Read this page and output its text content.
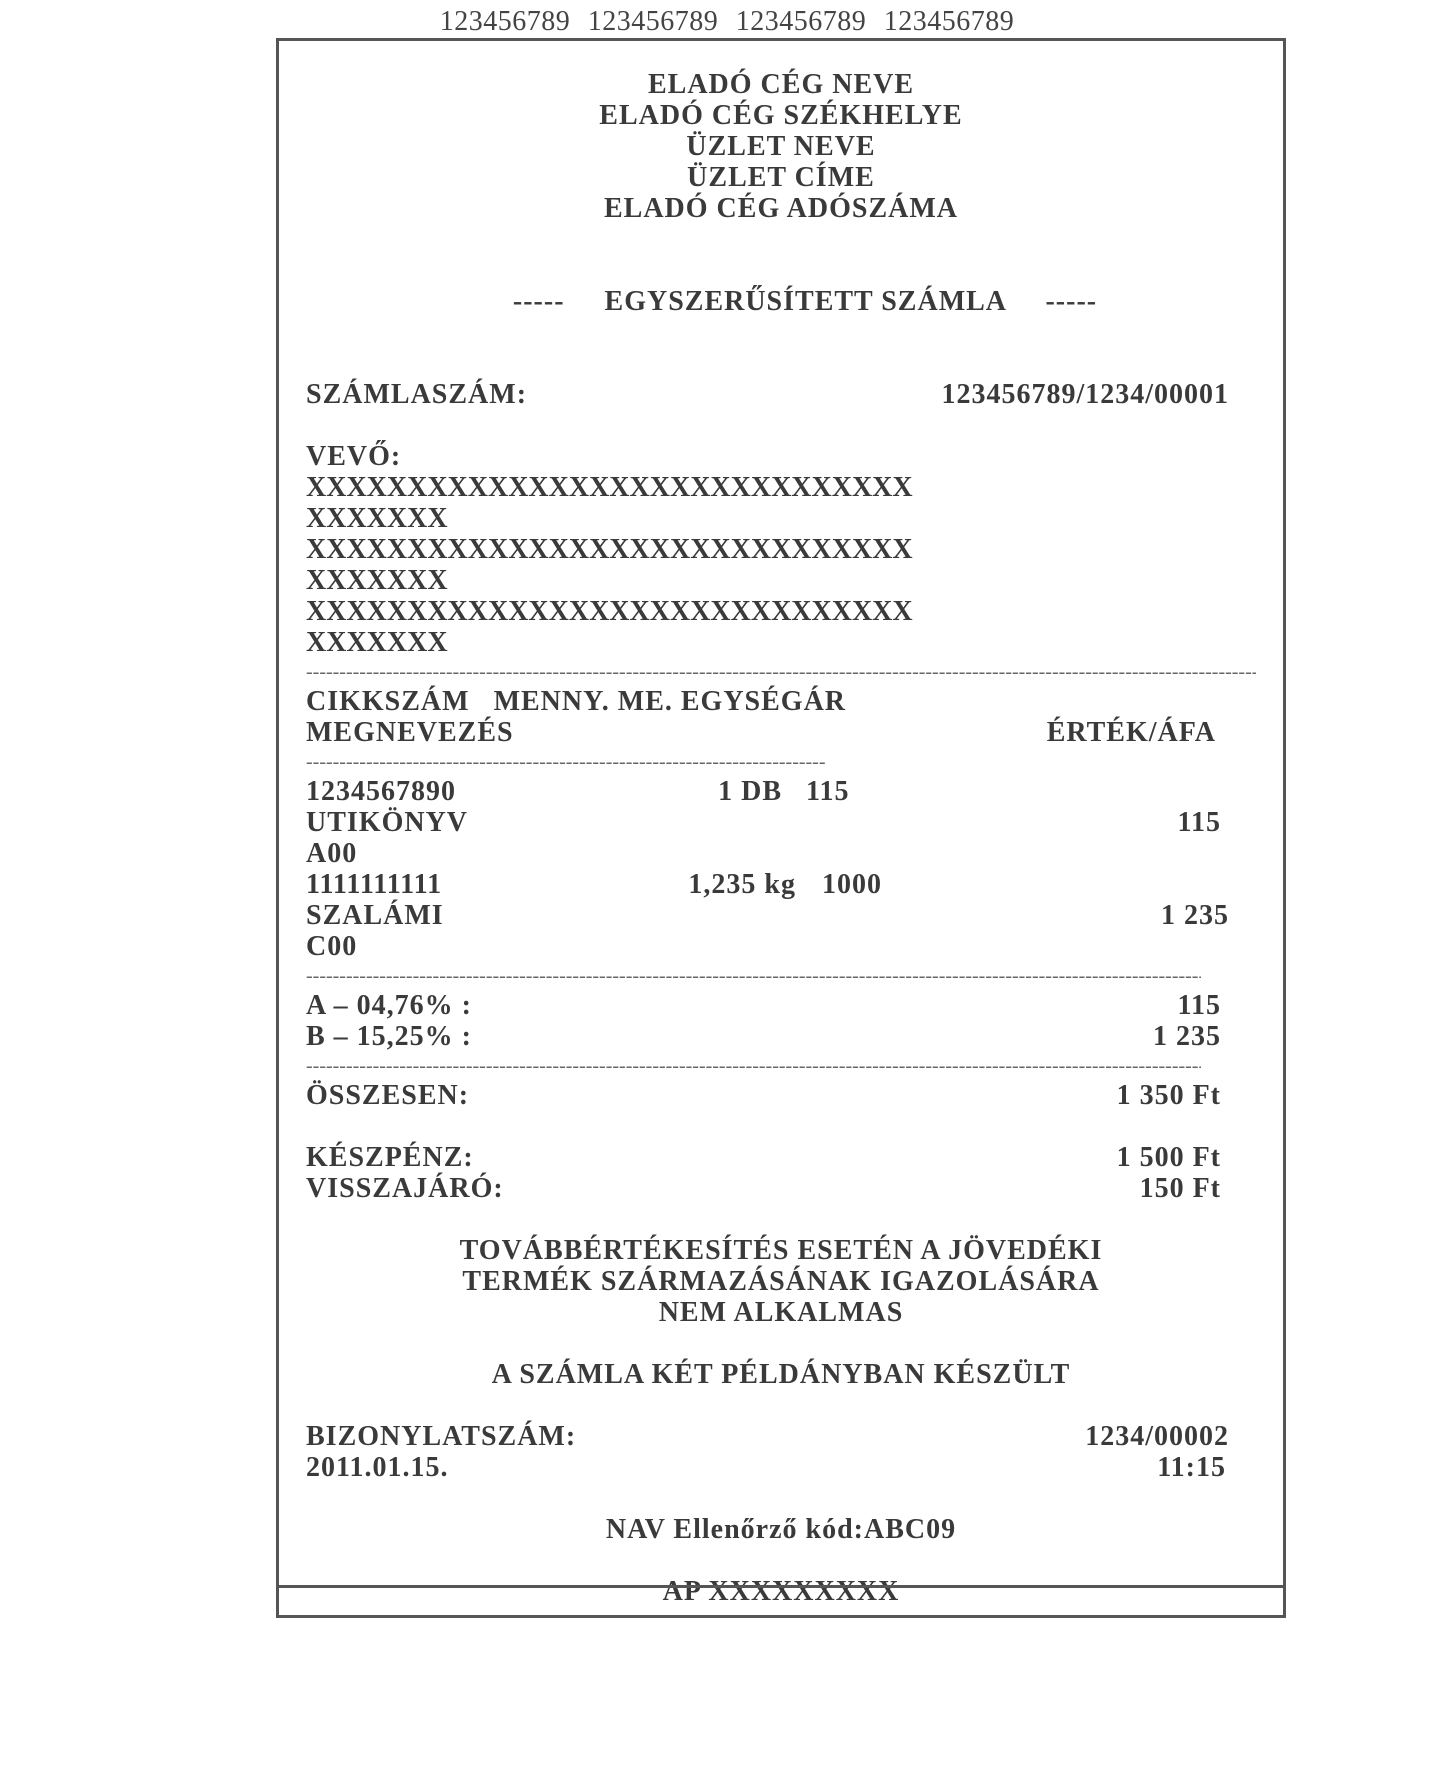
123456789 123456789 123456789 123456789
ELADÓ CÉG NEVE
ELADÓ CÉG SZÉKHELYE
ÜZLET NEVE
ÜZLET CÍME
ELADÓ CÉG ADÓSZÁMA

----- EGYSZERŰSÍTETT SZÁMLA -----

SZÁMLASZÁM:	123456789/1234/00001
VEVŐ:
XXXXXXXXXXXXXXXXXXXXXXXXXXXXXX
XXXXXXX
XXXXXXXXXXXXXXXXXXXXXXXXXXXXXX
XXXXXXX
XXXXXXXXXXXXXXXXXXXXXXXXXXXXXX
XXXXXXX
-----
CIKKSZÁM   MENNY. ME. EGYSÉGÁR
MEGNEVEZÉS	ÉRTÉK/ÁFA
-----
1234567890	1 DB 115
UTIKÖNYV	115
A00
1111111111	1,235 kg 1000
SZALÁMI	1 235
C00
-----
A – 04,76% :	115
B – 15,25% :	1 235
-----
ÖSSZESEN:	1 350 Ft
KÉSZPÉNZ:	1 500 Ft
VISSZAJÁRÓ:	150 Ft
TOVÁBBÉRTÉKESÍTÉS ESETÉN A JÖVEDÉKI
TERMÉK SZÁRMAZÁSÁNAK IGAZOLÁSÁRA
NEM ALKALMAS
A SZÁMLA KÉT PÉLDÁNYBAN KÉSZÜLT
BIZONYLATSZÁM:	1234/00002
2011.01.15.	11:15
NAV Ellenőrző kód:ABC09
AP XXXXXXXXX
